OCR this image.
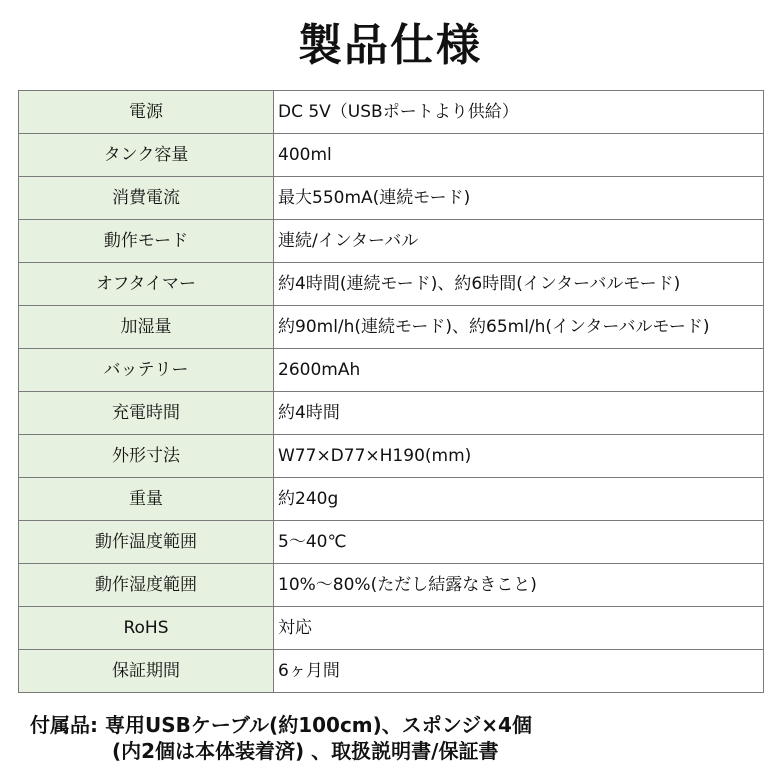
製品仕様
電源	DC 5V（USBポートより供給）
タンク容量	400ml
消費電流	最大550mA(連続モード)
動作モード	連続/インターバル
オフタイマー	約4時間(連続モード)、約6時間(インターバルモード)
加湿量	約90ml/h(連続モード)、約65ml/h(インターバルモード)
バッテリー	2600mAh
充電時間	約4時間
外形寸法	W77×D77×H190(mm)
重量	約240g
動作温度範囲	5～40℃
動作湿度範囲	10%～80%(ただし結露なきこと)
RoHS	対応
保証期間	6ヶ月間
付属品: 専用USBケーブル(約100cm)、スポンジ×4個
(内2個は本体装着済) 、取扱説明書/保証書
